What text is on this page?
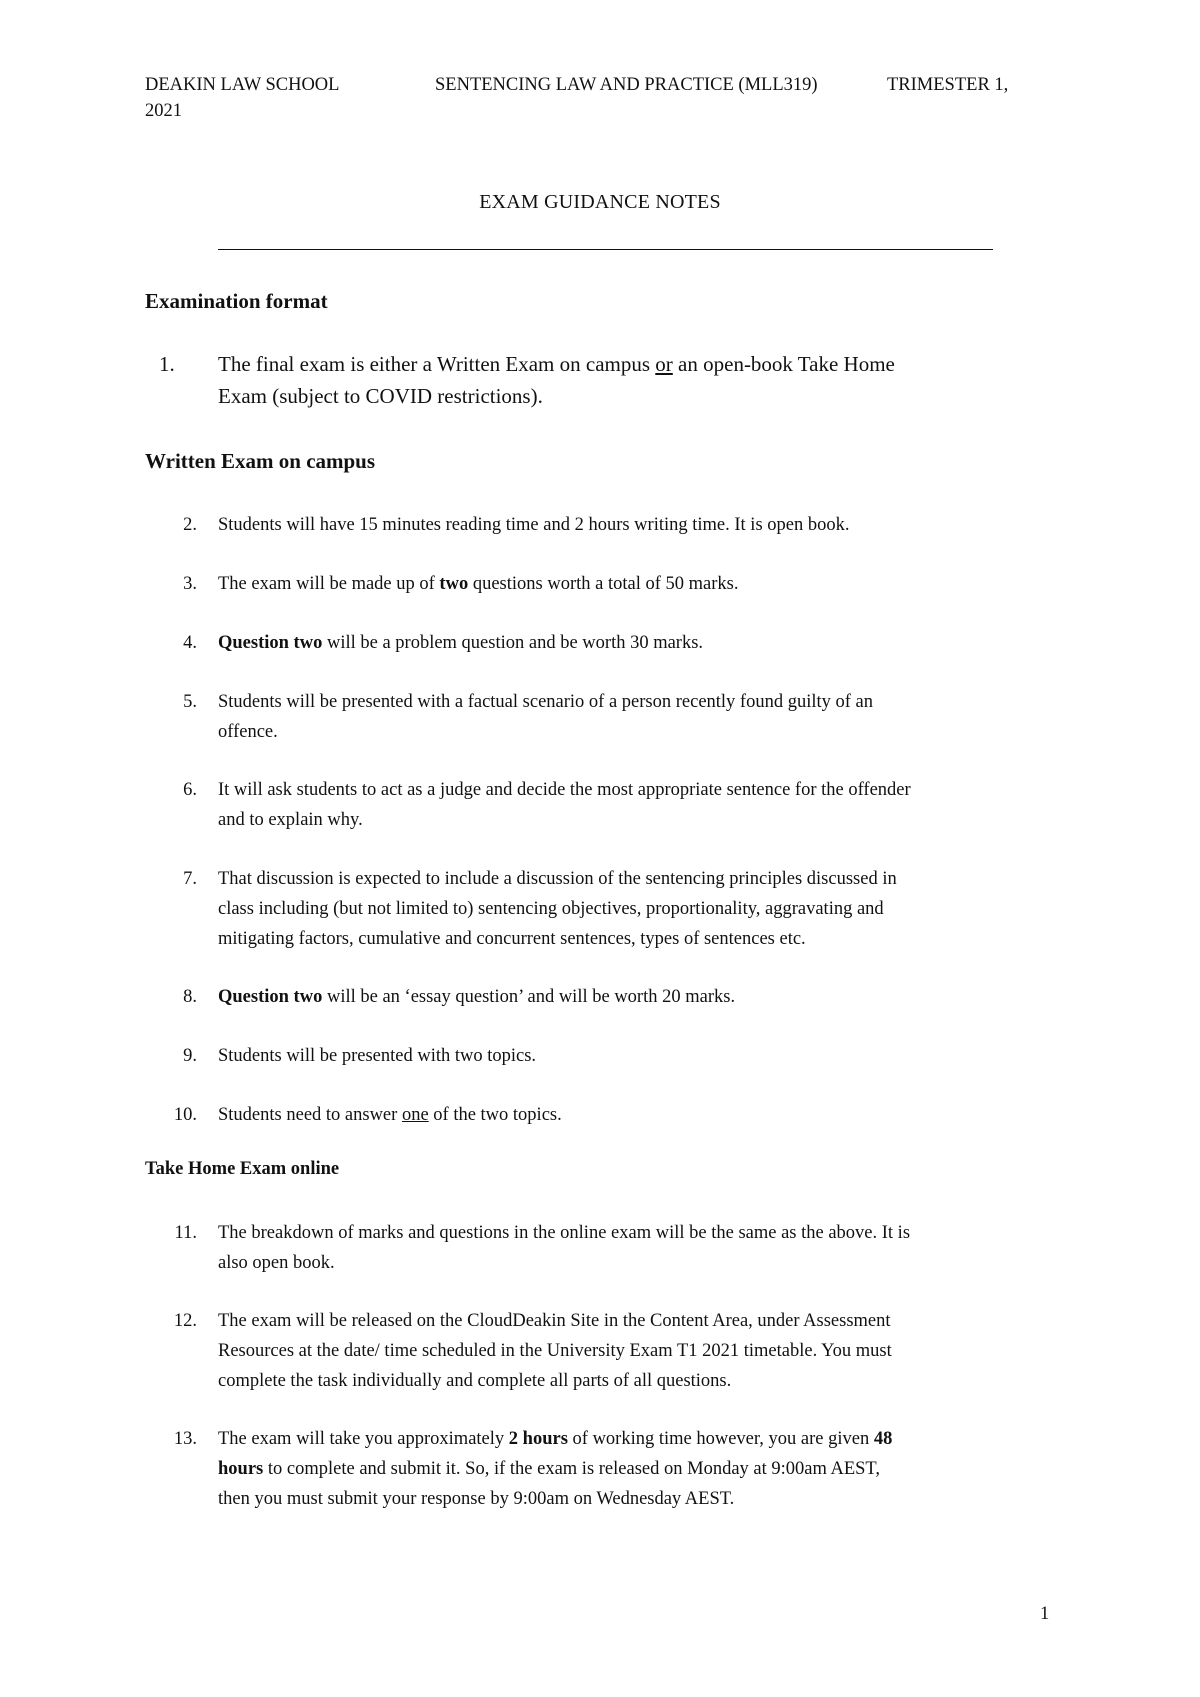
DEAKIN LAW SCHOOL	SENTENCING LAW AND PRACTICE (MLL319)	TRIMESTER 1,
2021
EXAM GUIDANCE NOTES
Examination format
1.	The final exam is either a Written Exam on campus or an open-book Take Home
Exam (subject to COVID restrictions).
Written Exam on campus
2. Students will have 15 minutes reading time and 2 hours writing time. It is open book.
3. The exam will be made up of two questions worth a total of 50 marks.
4. Question two will be a problem question and be worth 30 marks.
5. Students will be presented with a factual scenario of a person recently found guilty of an
offence.
6. It will ask students to act as a judge and decide the most appropriate sentence for the offender
and to explain why.
7. That discussion is expected to include a discussion of the sentencing principles discussed in
class including (but not limited to) sentencing objectives, proportionality, aggravating and
mitigating factors, cumulative and concurrent sentences, types of sentences etc.
8. Question two will be an ‘essay question’ and will be worth 20 marks.
9. Students will be presented with two topics.
10. Students need to answer one of the two topics.
Take Home Exam online
11. The breakdown of marks and questions in the online exam will be the same as the above. It is
also open book.
12. The exam will be released on the CloudDeakin Site in the Content Area, under Assessment
Resources at the date/ time scheduled in the University Exam T1 2021 timetable. You must
complete the task individually and complete all parts of all questions.
13. The exam will take you approximately 2 hours of working time however, you are given 48
hours to complete and submit it. So, if the exam is released on Monday at 9:00am AEST,
then you must submit your response by 9:00am on Wednesday AEST.
1
